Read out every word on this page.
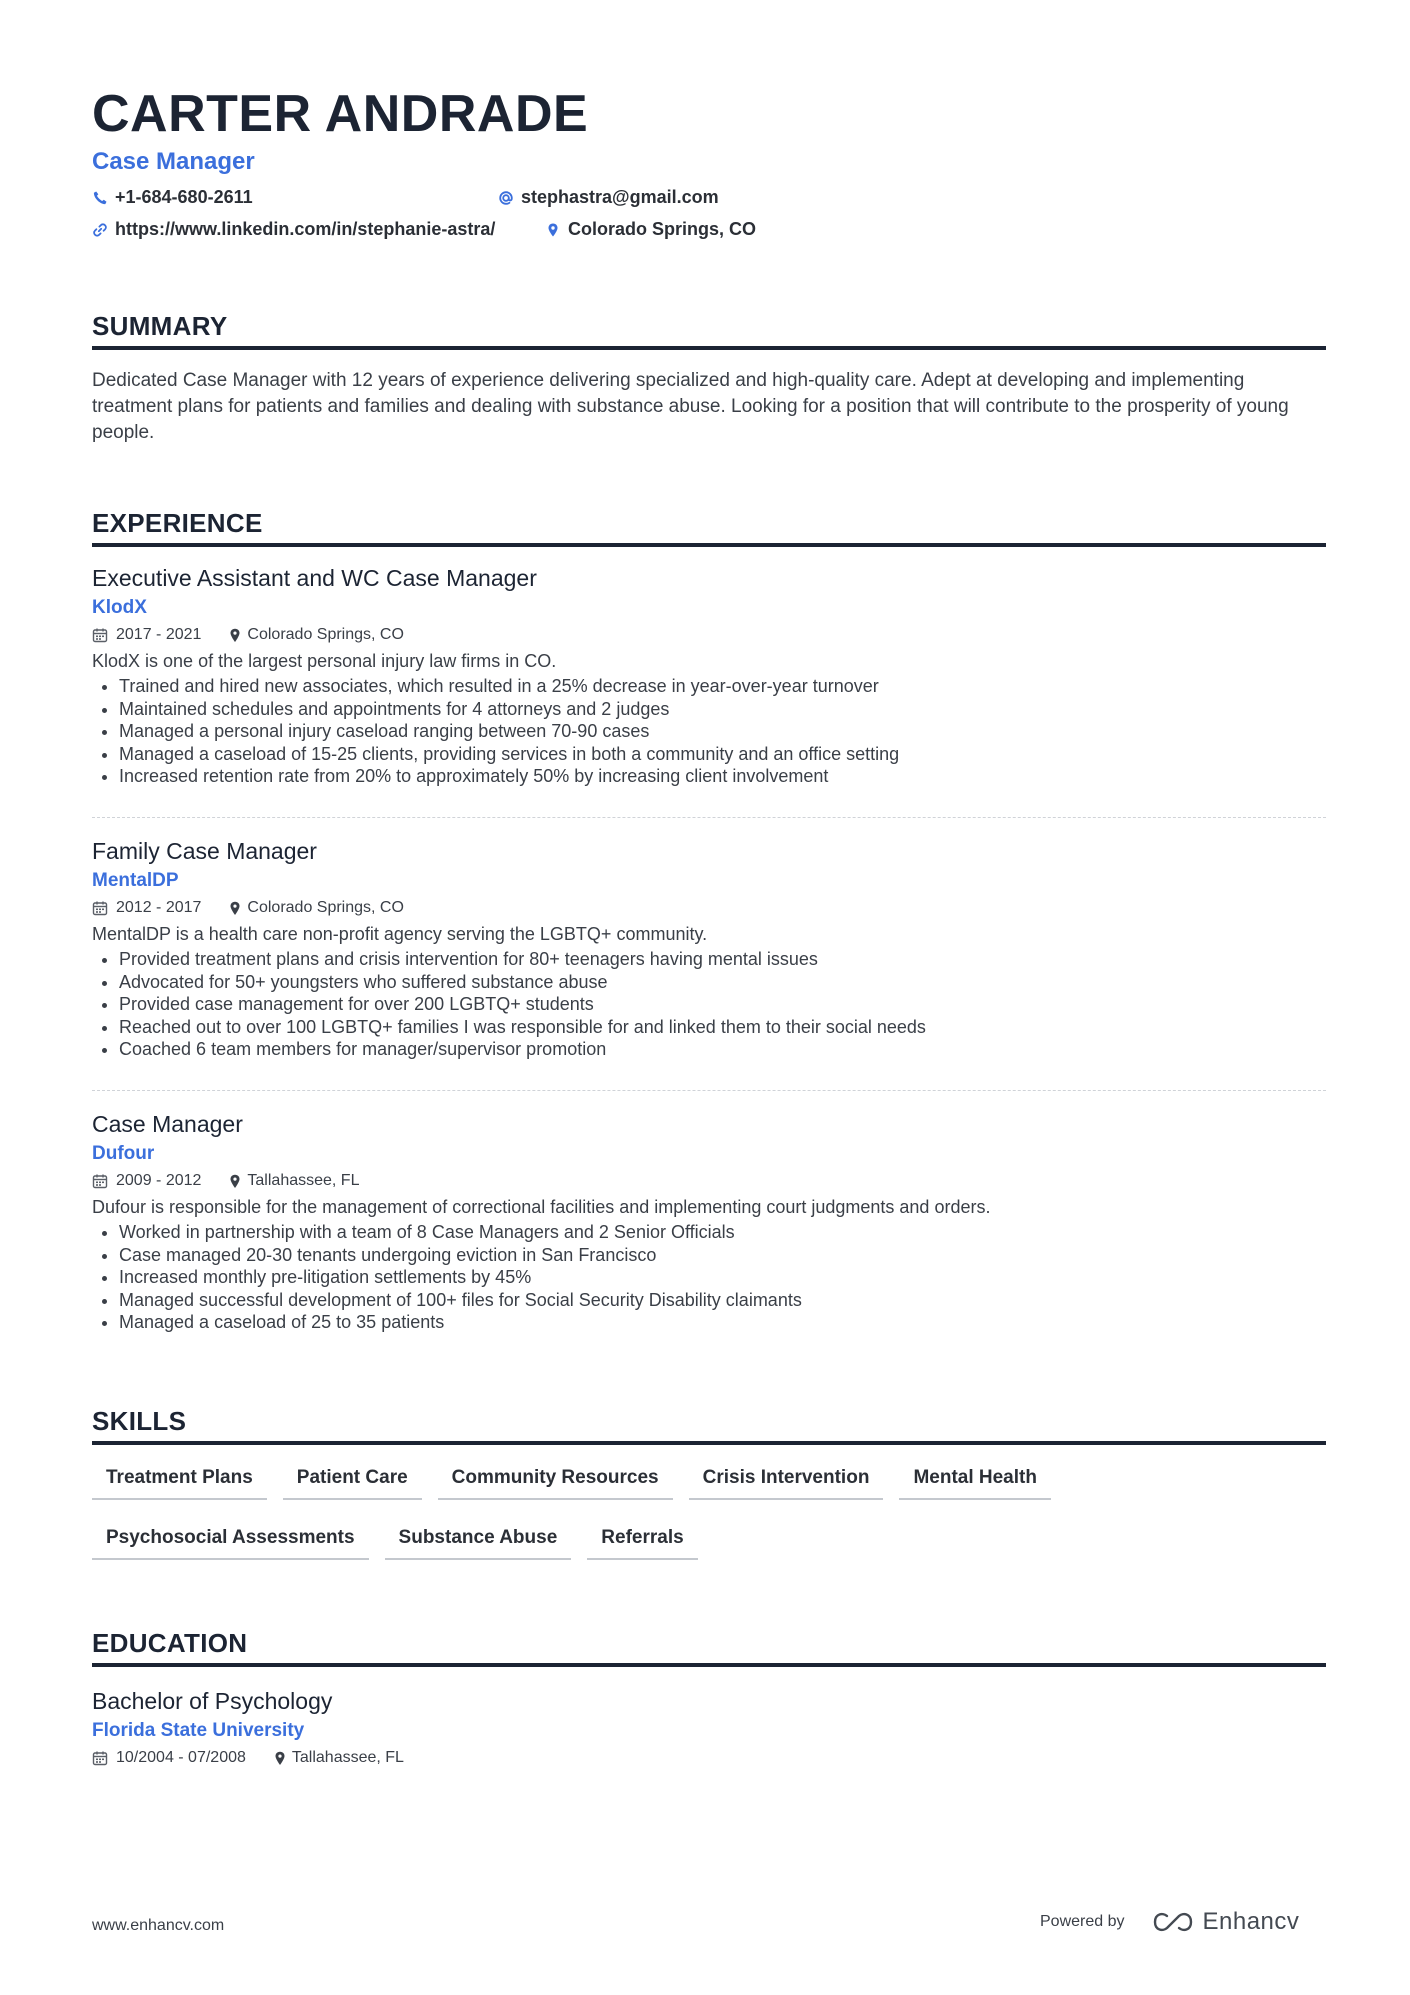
CARTER ANDRADE
Case Manager
+1-684-680-2611	stephastra@gmail.com
https://www.linkedin.com/in/stephanie-astra/	Colorado Springs, CO
SUMMARY

Dedicated Case Manager with 12 years of experience delivering specialized and high-quality care. Adept at developing and implementing treatment plans for patients and families and dealing with substance abuse. Looking for a position that will contribute to the prosperity of young people.

EXPERIENCE
Executive Assistant and WC Case Manager
KlodX
2017 - 2021	Colorado Springs, CO
KlodX is one of the largest personal injury law firms in CO.
• Trained and hired new associates, which resulted in a 25% decrease in year-over-year turnover
• Maintained schedules and appointments for 4 attorneys and 2 judges
• Managed a personal injury caseload ranging between 70-90 cases
• Managed a caseload of 15-25 clients, providing services in both a community and an office setting
• Increased retention rate from 20% to approximately 50% by increasing client involvement
Family Case Manager
MentalDP
2012 - 2017	Colorado Springs, CO
MentalDP is a health care non-profit agency serving the LGBTQ+ community.
• Provided treatment plans and crisis intervention for 80+ teenagers having mental issues
• Advocated for 50+ youngsters who suffered substance abuse
• Provided case management for over 200 LGBTQ+ students
• Reached out to over 100 LGBTQ+ families I was responsible for and linked them to their social needs
• Coached 6 team members for manager/supervisor promotion
Case Manager
Dufour
2009 - 2012	Tallahassee, FL
Dufour is responsible for the management of correctional facilities and implementing court judgments and orders.
• Worked in partnership with a team of 8 Case Managers and 2 Senior Officials
• Case managed 20-30 tenants undergoing eviction in San Francisco
• Increased monthly pre-litigation settlements by 45%
• Managed successful development of 100+ files for Social Security Disability claimants
• Managed a caseload of 25 to 35 patients
SKILLS
Treatment Plans	Patient Care	Community Resources	Crisis Intervention	Mental Health
Psychosocial Assessments	Substance Abuse	Referrals
EDUCATION
Bachelor of Psychology
Florida State University
10/2004 - 07/2008	Tallahassee, FL
www.enhancv.com	Powered by	Enhancv
